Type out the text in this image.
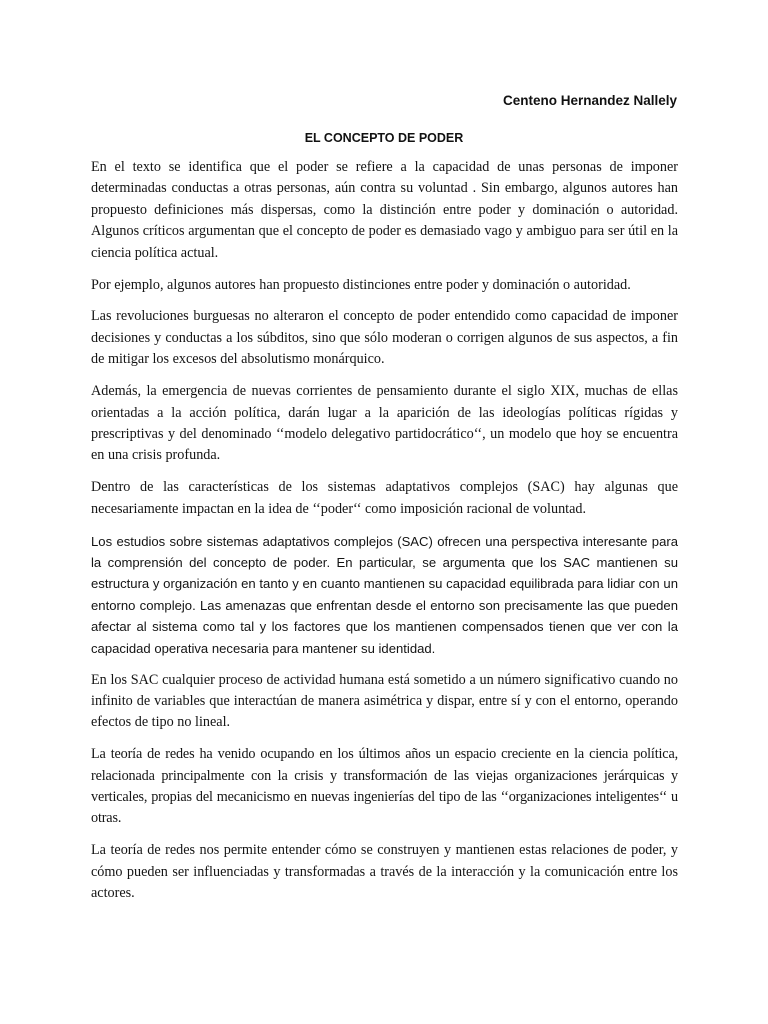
Centeno Hernandez Nallely
EL CONCEPTO DE PODER

En el texto se identifica que el poder se refiere a la capacidad de unas personas de imponer determinadas conductas a otras personas, aún contra su voluntad . Sin embargo, algunos autores han propuesto definiciones más dispersas, como la distinción entre poder y dominación o autoridad. Algunos críticos argumentan que el concepto de poder es demasiado vago y ambiguo para ser útil en la ciencia política actual.

Por ejemplo, algunos autores han propuesto distinciones entre poder y dominación o autoridad.

Las revoluciones burguesas no alteraron el concepto de poder entendido como capacidad de imponer decisiones y conductas a los súbditos, sino que sólo moderan o corrigen algunos de sus aspectos, a fin de mitigar los excesos del absolutismo monárquico.

Además, la emergencia de nuevas corrientes de pensamiento durante el siglo XIX, muchas de ellas orientadas a la acción política, darán lugar a la aparición de las ideologías políticas rígidas y prescriptivas y del denominado ‘‘modelo delegativo partidocrático‘‘, un modelo que hoy se encuentra en una crisis profunda.

Dentro de las características de los sistemas adaptativos complejos (SAC) hay algunas que necesariamente impactan en la idea de ‘‘poder‘‘ como imposición racional de voluntad.

Los estudios sobre sistemas adaptativos complejos (SAC) ofrecen una perspectiva interesante para la comprensión del concepto de poder. En particular, se argumenta que los SAC mantienen su estructura y organización en tanto y en cuanto mantienen su capacidad equilibrada para lidiar con un entorno complejo. Las amenazas que enfrentan desde el entorno son precisamente las que pueden afectar al sistema como tal y los factores que los mantienen compensados tienen que ver con la capacidad operativa necesaria para mantener su identidad.

En los SAC cualquier proceso de actividad humana está sometido a un número significativo cuando no infinito de variables que interactúan de manera asimétrica y dispar, entre sí y con el entorno, operando efectos de tipo no lineal.

La teoría de redes ha venido ocupando en los últimos años un espacio creciente en la ciencia política, relacionada principalmente con la crisis y transformación de las viejas organizaciones jerárquicas y verticales, propias del mecanicismo en nuevas ingenierías del tipo de las ‘‘organizaciones inteligentes‘‘ u otras.

La teoría de redes nos permite entender cómo se construyen y mantienen estas relaciones de poder, y cómo pueden ser influenciadas y transformadas a través de la interacción y la comunicación entre los actores.
